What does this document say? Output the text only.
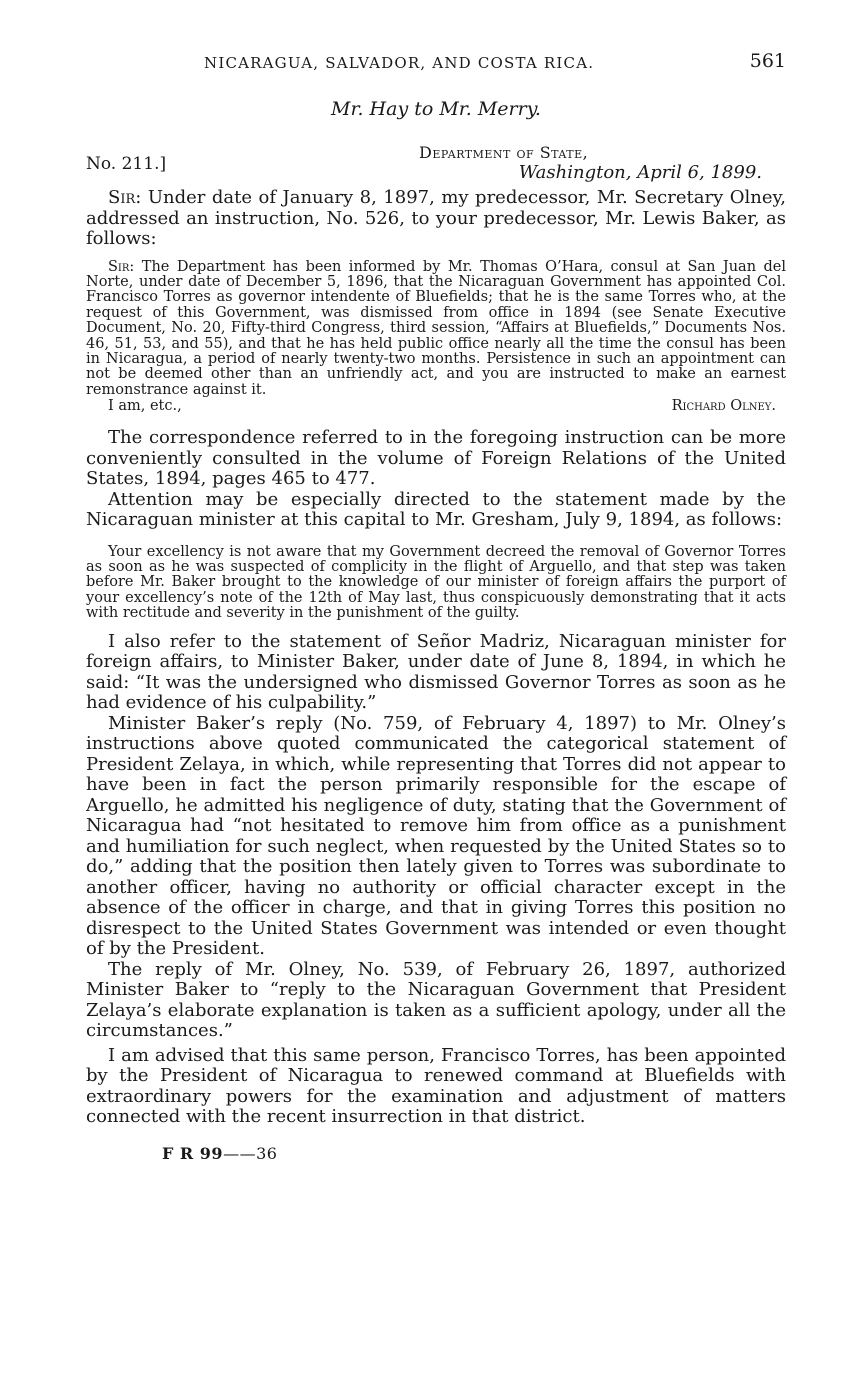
NICARAGUA, SALVADOR, AND COSTA RICA.	561
Mr. Hay to Mr. Merry.
No. 211.]
Department of State,
Washington, April 6, 1899.

Sir: Under date of January 8, 1897, my predecessor, Mr. Secretary Olney, addressed an instruction, No. 526, to your predecessor, Mr. Lewis Baker, as follows:

Sir: The Department has been informed by Mr. Thomas O’Hara, consul at San Juan del Norte, under date of December 5, 1896, that the Nicaraguan Government has appointed Col. Francisco Torres as governor intendente of Bluefields; that he is the same Torres who, at the request of this Government, was dismissed from office in 1894 (see Senate Executive Document, No. 20, Fifty-third Congress, third session, “Affairs at Bluefields,” Documents Nos. 46, 51, 53, and 55), and that he has held public office nearly all the time the consul has been in Nicaragua, a period of nearly twenty-two months. Persistence in such an appointment can not be deemed other than an unfriendly act, and you are instructed to make an earnest remonstrance against it.

I am, etc.,	Richard Olney.

The correspondence referred to in the foregoing instruction can be more conveniently consulted in the volume of Foreign Relations of the United States, 1894, pages 465 to 477.

Attention may be especially directed to the statement made by the Nicaraguan minister at this capital to Mr. Gresham, July 9, 1894, as follows:

Your excellency is not aware that my Government decreed the removal of Governor Torres as soon as he was suspected of complicity in the flight of Arguello, and that step was taken before Mr. Baker brought to the knowledge of our minister of foreign affairs the purport of your excellency’s note of the 12th of May last, thus conspicuously demonstrating that it acts with rectitude and severity in the punishment of the guilty.

I also refer to the statement of Señor Madriz, Nicaraguan minister for foreign affairs, to Minister Baker, under date of June 8, 1894, in which he said: “It was the undersigned who dismissed Governor Torres as soon as he had evidence of his culpability.”

Minister Baker’s reply (No. 759, of February 4, 1897) to Mr. Olney’s instructions above quoted communicated the categorical statement of President Zelaya, in which, while representing that Torres did not appear to have been in fact the person primarily responsible for the escape of Arguello, he admitted his negligence of duty, stating that the Government of Nicaragua had “not hesitated to remove him from office as a punishment and humiliation for such neglect, when requested by the United States so to do,” adding that the position then lately given to Torres was subordinate to another officer, having no authority or official character except in the absence of the officer in charge, and that in giving Torres this position no disrespect to the United States Government was intended or even thought of by the President.

The reply of Mr. Olney, No. 539, of February 26, 1897, authorized Minister Baker to “reply to the Nicaraguan Government that President Zelaya’s elaborate explanation is taken as a sufficient apology, under all the circumstances.”

I am advised that this same person, Francisco Torres, has been appointed by the President of Nicaragua to renewed command at Bluefields with extraordinary powers for the examination and adjustment of matters connected with the recent insurrection in that district.

F R 99——36
